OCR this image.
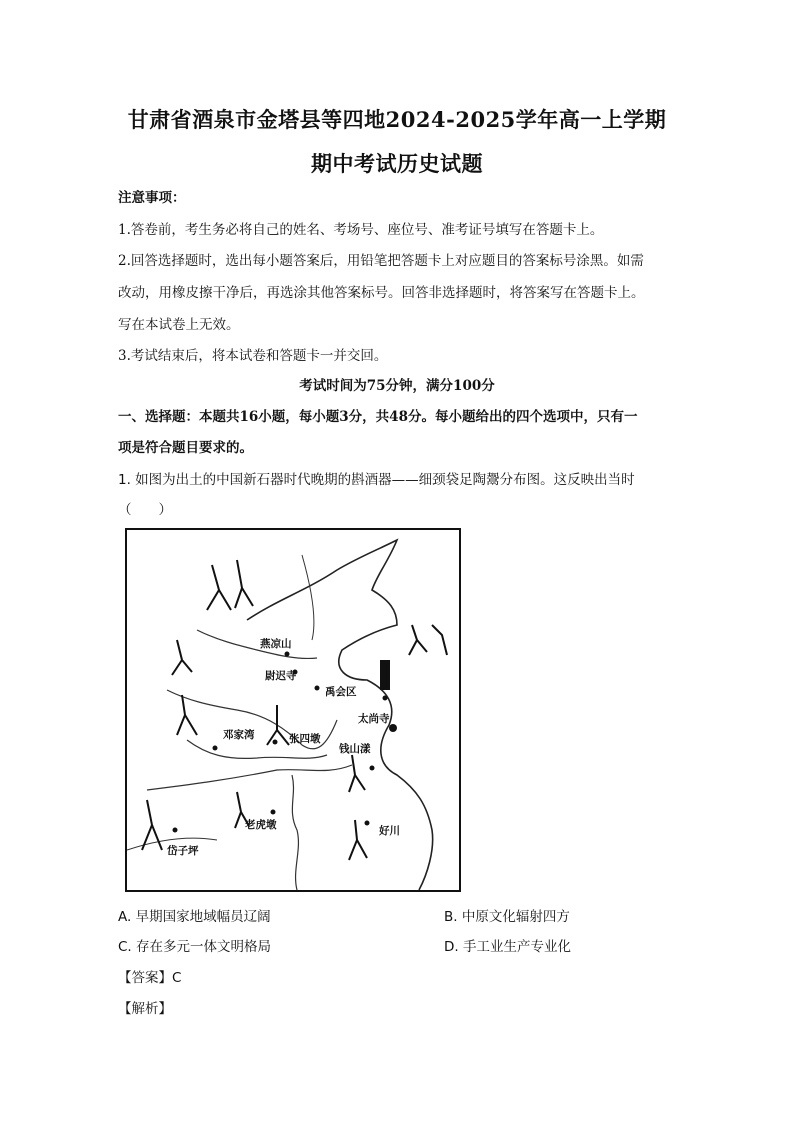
甘肃省酒泉市金塔县等四地2024-2025学年高一上学期
期中考试历史试题
注意事项：
1.答卷前，考生务必将自己的姓名、考场号、座位号、准考证号填写在答题卡上。
2.回答选择题时，选出每小题答案后，用铅笔把答题卡上对应题目的答案标号涂黑。如需
改动，用橡皮擦干净后，再选涂其他答案标号。回答非选择题时，将答案写在答题卡上。
写在本试卷上无效。
3.考试结束后，将本试卷和答题卡一并交回。
考试时间为75分钟，满分100分
一、选择题：本题共16小题，每小题3分，共48分。每小题给出的四个选项中，只有一
项是符合题目要求的。
1. 如图为出土的中国新石器时代晚期的斟酒器——细颈袋足陶鬶分布图。这反映出当时
（　　）
燕凉山
尉迟寺
禹会区
太尚寺
邓家湾	张四墩
钱山漾
老虎墩	好川
岱子坪
A. 早期国家地域幅员辽阔	B. 中原文化辐射四方
C. 存在多元一体文明格局	D. 手工业生产专业化
【答案】C
【解析】
